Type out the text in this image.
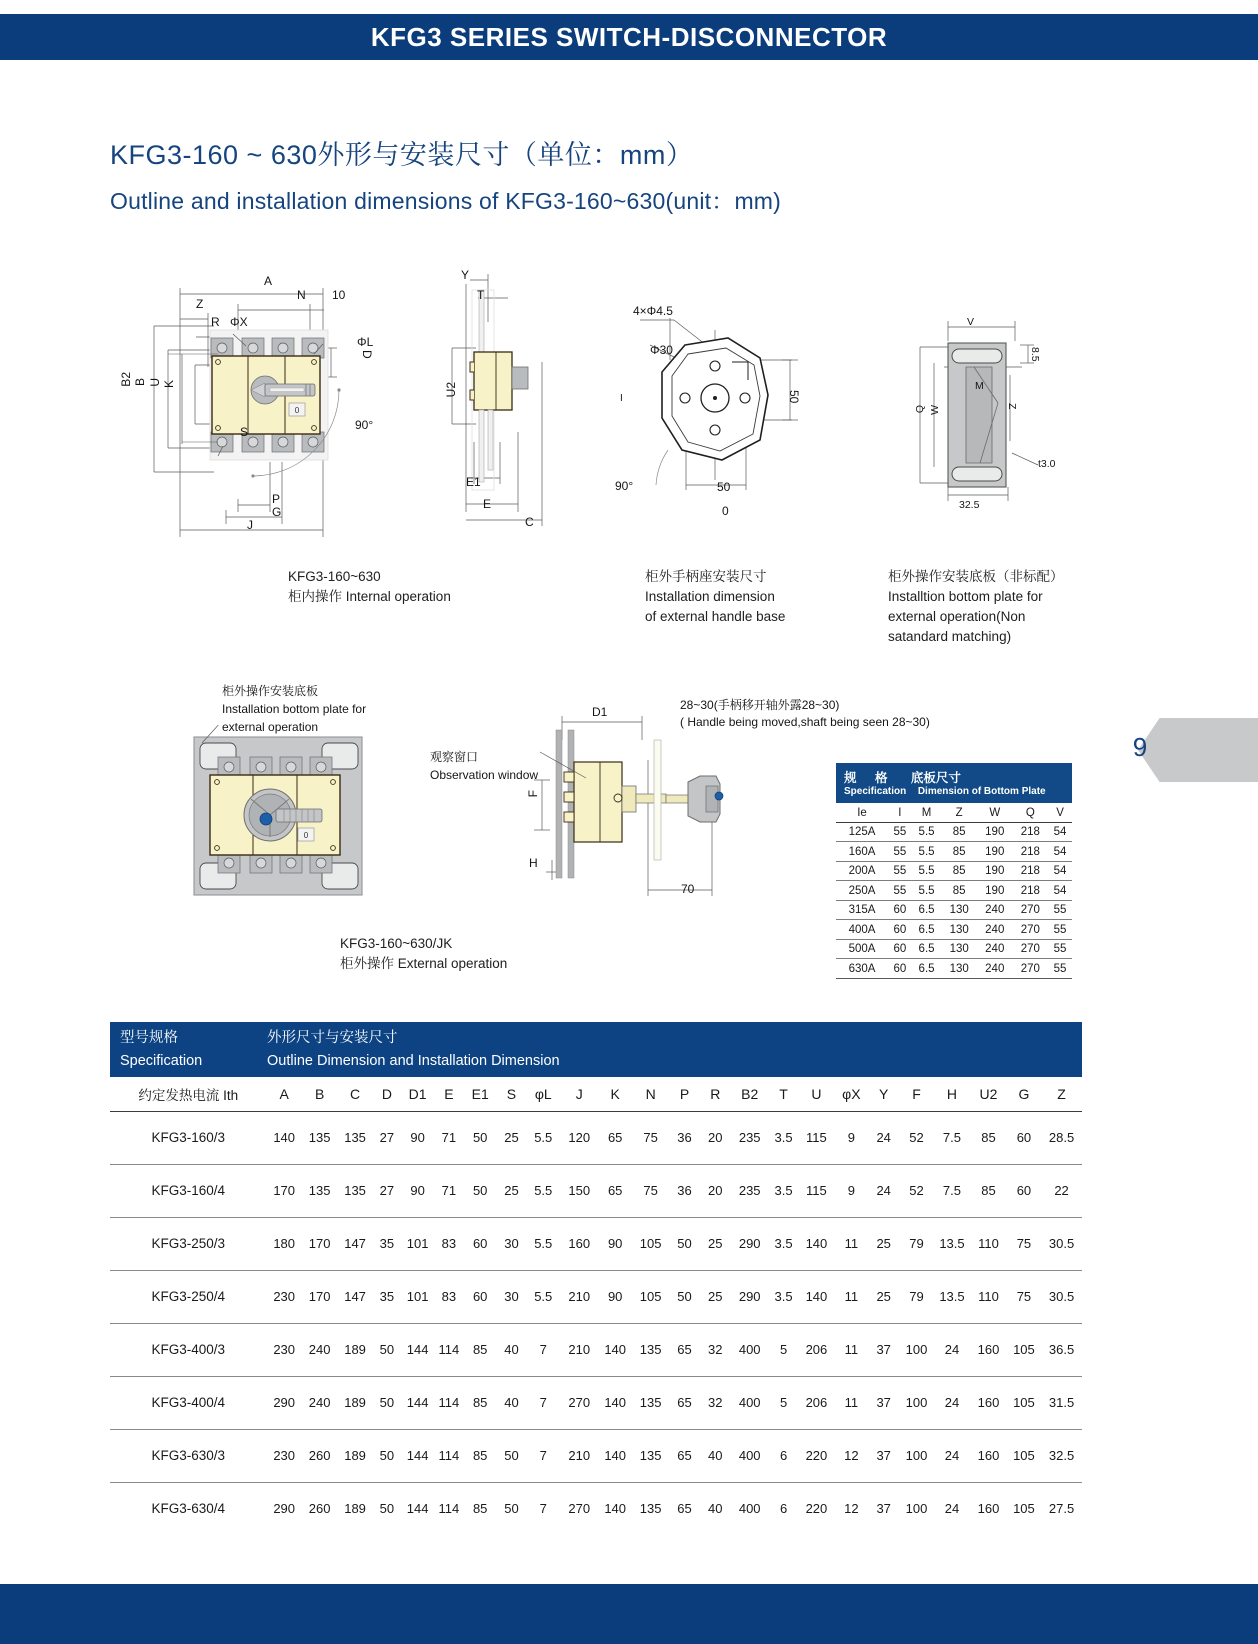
KFG3 SERIES SWITCH-DISCONNECTOR
KFG3-160 ~ 630外形与安装尺寸（单位：mm）
Outline and installation dimensions of KFG3-160~630(unit：mm)
9
0
A
N 10
Z
R ΦX
ΦL
D
B2 B U K
S
P
G
J
90°
Y
T
U2
E1
E
C
I
4×Φ4.5
Φ30
50
50
0
90°
柜外手柄座安装尺寸
Installation dimension
of external handle base
V
8.5
M
Q W	Z
t3.0
32.5
柜外操作安装底板（非标配）
Installtion bottom plate for
external operation(Non
satandard matching)
KFG3-160~630
柜内操作 Internal operation
0
柜外操作安装底板
Installation bottom plate for
external operation
KFG3-160~630/JK
柜外操作 External operation
观察窗口
Observation window
28~30(手柄移开轴外露28~30)
( Handle being moved,shaft being seen 28~30)
D1
F
H
70
规　格 底板尺寸
Specification Dimension of Bottom Plate						

Ie	I	M	Z	W	Q	V
125A	55	5.5	85	190	218	54
160A	55	5.5	85	190	218	54
200A	55	5.5	85	190	218	54
250A	55	5.5	85	190	218	54
315A	60	6.5	130	240	270	55
400A	60	6.5	130	240	270	55
500A	60	6.5	130	240	270	55
630A	60	6.5	130	240	270	55
型号规格
Specification
外形尺寸与安装尺寸
Outline Dimension and Installation Dimension
约定发热电流 Ith	A	B	C	D	D1	E	E1	S	φL	J	K	N	P	R	B2	T	U	φX	Y	F	H	U2	G	Z
KFG3-160/3	140	135	135	27	90	71	50	25	5.5	120	65	75	36	20	235	3.5	115	9	24	52	7.5	85	60	28.5
KFG3-160/4	170	135	135	27	90	71	50	25	5.5	150	65	75	36	20	235	3.5	115	9	24	52	7.5	85	60	22
KFG3-250/3	180	170	147	35	101	83	60	30	5.5	160	90	105	50	25	290	3.5	140	11	25	79	13.5	110	75	30.5
KFG3-250/4	230	170	147	35	101	83	60	30	5.5	210	90	105	50	25	290	3.5	140	11	25	79	13.5	110	75	30.5
KFG3-400/3	230	240	189	50	144	114	85	40	7	210	140	135	65	32	400	5	206	11	37	100	24	160	105	36.5
KFG3-400/4	290	240	189	50	144	114	85	40	7	270	140	135	65	32	400	5	206	11	37	100	24	160	105	31.5
KFG3-630/3	230	260	189	50	144	114	85	50	7	210	140	135	65	40	400	6	220	12	37	100	24	160	105	32.5
KFG3-630/4	290	260	189	50	144	114	85	50	7	270	140	135	65	40	400	6	220	12	37	100	24	160	105	27.5
